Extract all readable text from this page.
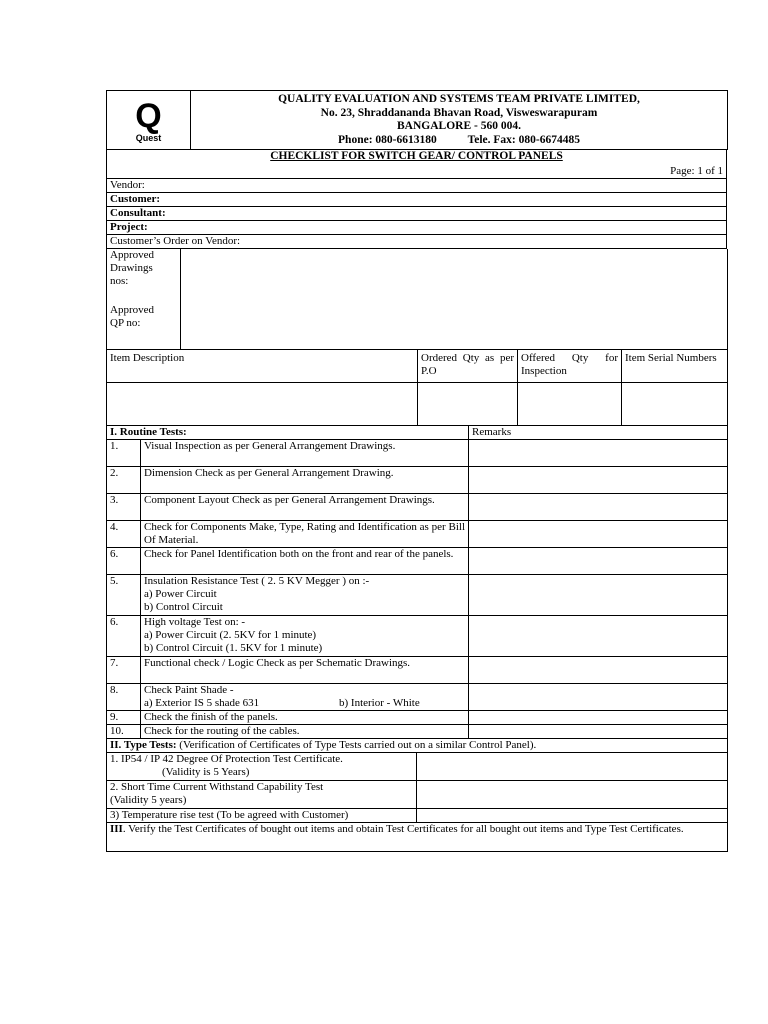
Q
Quest

QUALITY EVALUATION AND SYSTEMS TEAM PRIVATE LIMITED,
No. 23, Shraddananda Bhavan Road, Visweswarapuram
BANGALORE - 560 004.
Phone: 080-6613180	Tele. Fax: 080-6674485
CHECKLIST FOR SWITCH GEAR/ CONTROL PANELS
Page: 1 of 1
Vendor:
Customer:
Consultant:
Project:
Customer’s Order on Vendor:
Approved
Drawings
nos:
Approved
QP no:

Item Description	Ordered Qty as per P.O	Offered Qty for Inspection	Item Serial Numbers

I. Routine Tests:		Remarks
1.	Visual Inspection as per General Arrangement Drawings.	
2.	Dimension Check as per General Arrangement Drawing.	
3.	Component Layout Check as per General Arrangement Drawings.	
4.	Check for Components Make, Type, Rating and Identification as per Bill Of Material.	
6.	Check for Panel Identification both on the front and rear of the panels.	
5.	Insulation Resistance Test ( 2. 5 KV Megger ) on :-
a) Power Circuit
b) Control Circuit	

6.	High voltage Test on: -
a) Power Circuit (2. 5KV for 1 minute)
b) Control Circuit (1. 5KV for 1 minute)	

7.	Functional check / Logic Check as per Schematic Drawings.	
8.	Check Paint Shade -
a) Exterior IS 5 shade 631 b) Interior - White	

9.	Check the finish of the panels.	
10.	Check for the routing of the cables.	
II. Type Tests: (Verification of Certificates of Type Tests carried out on a similar Control Panel).	

1. IP54 / IP 42 Degree Of Protection Test Certificate.
(Validity is 5 Years)	

2. Short Time Current Withstand Capability Test
(Validity 5 years)	

3) Temperature rise test (To be agreed with Customer)	
III. Verify the Test Certificates of bought out items and obtain Test Certificates for all bought out items and Type Test Certificates.	
